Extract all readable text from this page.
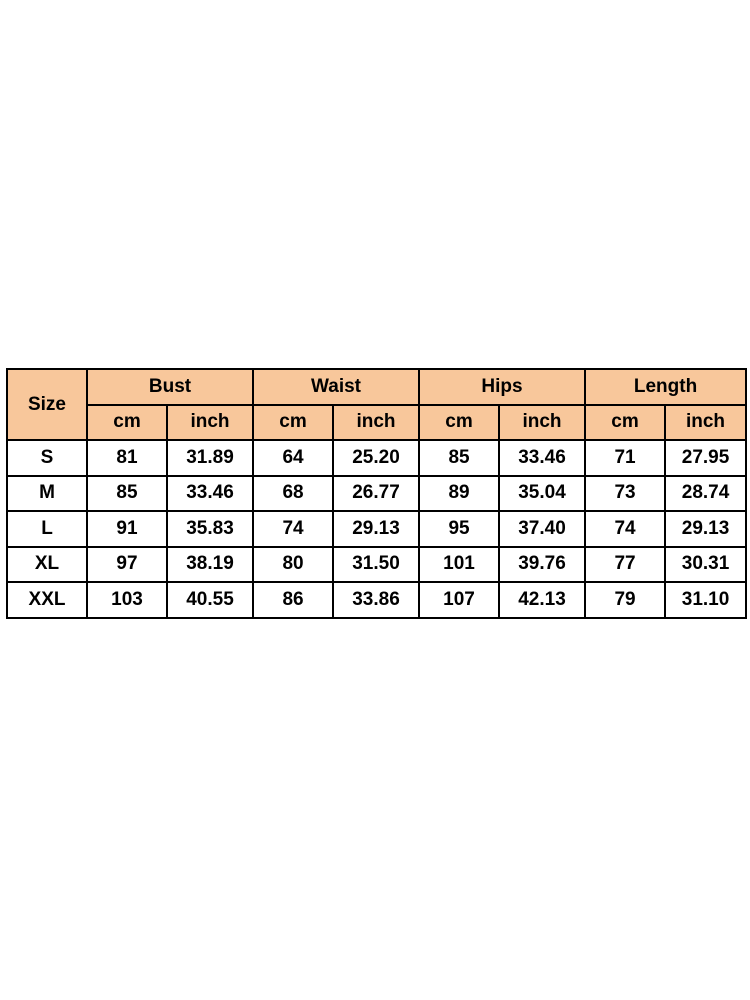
Size	Bust		Waist		Hips		Length	
	cm	inch	cm	inch	cm	inch	cm	inch
S	81	31.89	64	25.20	85	33.46	71	27.95
M	85	33.46	68	26.77	89	35.04	73	28.74
L	91	35.83	74	29.13	95	37.40	74	29.13
XL	97	38.19	80	31.50	101	39.76	77	30.31
XXL	103	40.55	86	33.86	107	42.13	79	31.10
